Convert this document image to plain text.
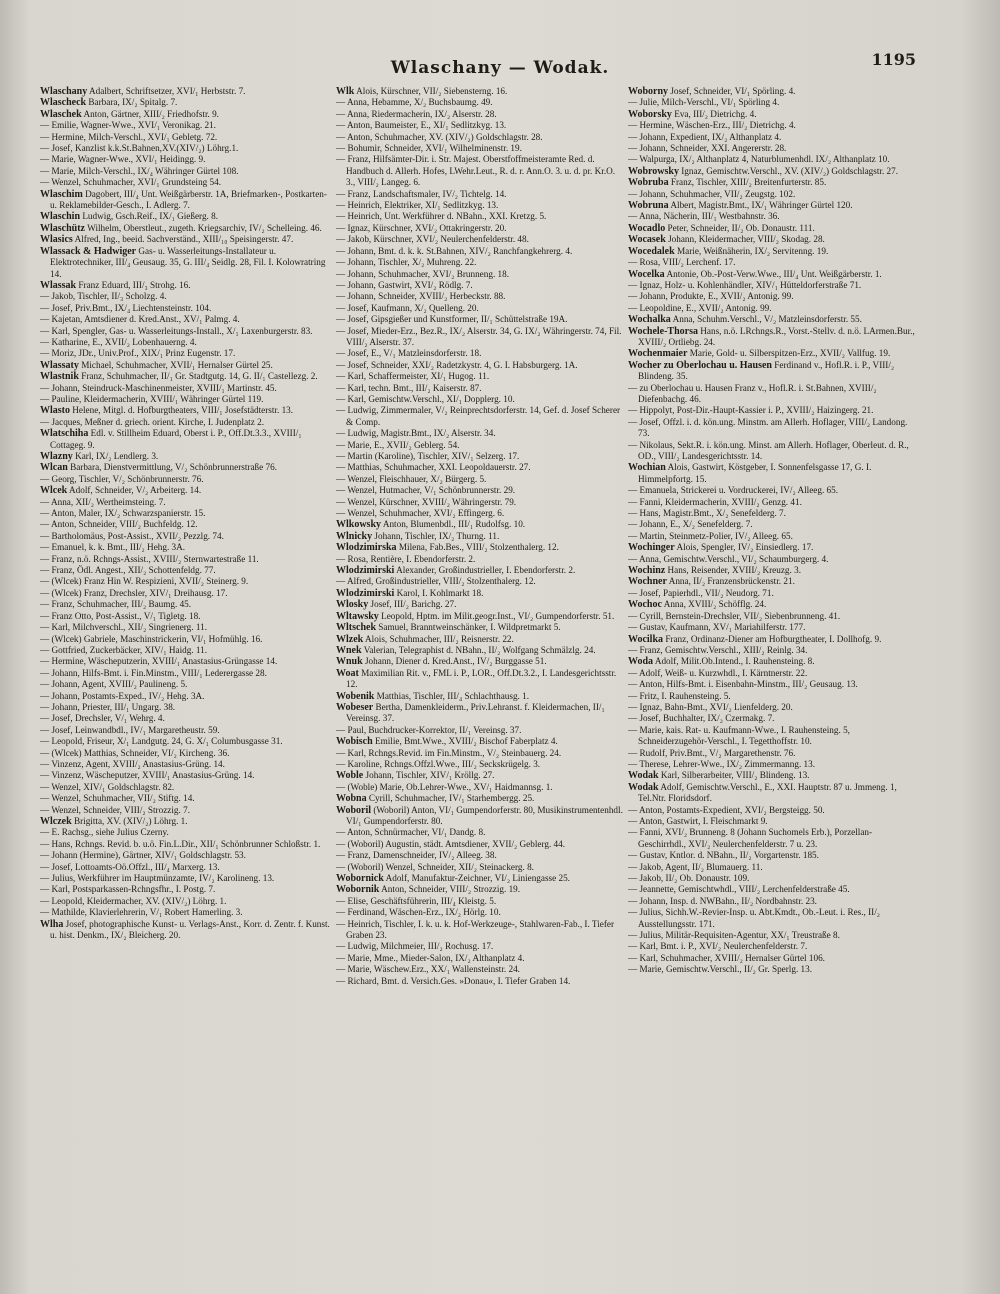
Wlaschany — Wodak.	1195

Wlaschany Adalbert, Schriftsetzer, XVI/₁ Herbststr. 7.

Wlascheck Barbara, IX/₂ Spitalg. 7.

Wlaschek Anton, Gärtner, XIII/₂ Friedhofstr. 9.

— Emilie, Wagner-Wwe., XVI/₁ Veronikag. 21.

— Hermine, Milch-Verschl., XVI/₁ Gebletg. 72.

— Josef, Kanzlist k.k.St.Bahnen,XV.(XIV/₂) Löhrg.1.

— Marie, Wagner-Wwe., XVI/₁ Heidingg. 9.

— Marie, Milch-Verschl., IX/₄ Währinger Gürtel 108.

— Wenzel, Schuhmacher, XVI/₁ Grundsteing 54.

Wlaschim Dagobert, III/₄ Unt. Weißgärberstr. 1A, Briefmarken-, Postkarten- u. Reklamebilder-Gesch., I. Adlerg. 7.

Wlaschin Ludwig, Gsch.Reif., IX/₁ Gießerg. 8.

Wlaschütz Wilhelm, Oberstleut., zugeth. Kriegsarchiv, IV/₂ Schelleing. 46.

Wlasics Alfred, Ing., beeid. Sachverständ., XIII/₁₀ Speisingerstr. 47.

Wlassack & Hadwiger Gas- u. Wasserleitungs-Installateur u. Elektrotechniker, III/₄ Geusaug. 35, G. III/₄ Seidlg. 28, Fil. I. Kolowratring 14.

Wlassak Franz Eduard, III/₃ Strohg. 16.

— Jakob, Tischler, II/₃ Scholzg. 4.

— Josef, Priv.Bmt., IX/₄ Liechtensteinstr. 104.

— Kajetan, Amtsdiener d. Kred.Anst., XV/₁ Palmg. 4.

— Karl, Spengler, Gas- u. Wasserleitungs-Install., X/₁ Laxenburgerstr. 83.

— Katharine, E., XVII/₂ Lobenhauerng. 4.

— Moriz, JDr., Univ.Prof., XIX/₁ Prinz Eugenstr. 17.

Wlassaty Michael, Schuhmacher, XVII/₁ Hernalser Gürtel 25.

Wlastnik Franz, Schuhmacher, II/₁ Gr. Stadtgutg. 14, G. II/₁ Castellezg. 2.

— Johann, Steindruck-Maschinenmeister, XVIII/₁ Martinstr. 45.

— Pauline, Kleidermacherin, XVIII/₁ Währinger Gürtel 119.

Wlasto Helene, Mitgl. d. Hofburgtheaters, VIII/₁ Josefstädterstr. 13.

— Jacques, Meßner d. griech. orient. Kirche, I. Judenplatz 2.

Wlatschiha Edl. v. Stillheim Eduard, Oberst i. P., Off.Dt.3.3., XVIII/₁ Cottageg. 9.

Wlazny Karl, IX/₂ Lendlerg. 3.

Wlcan Barbara, Dienstvermittlung, V/₂ Schönbrunnerstraße 76.

— Georg, Tischler, V/₂ Schönbrunnerstr. 76.

Wlcek Adolf, Schneider, V/₂ Arbeiterg. 14.

— Anna, XII/₂ Wertheimsteing. 7.

— Anton, Maler, IX/₂ Schwarzspanierstr. 15.

— Anton, Schneider, VIII/₂ Buchfeldg. 12.

— Bartholomäus, Post-Assist., XVII/₂ Pezzlg. 74.

— Emanuel, k. k. Bmt., III/₂ Hehg. 3A.

— Franz, n.ö. Rchngs-Assist., XVIII/₂ Sternwartestraße 11.

— Franz, Ödl. Angest., XII/₂ Schottenfeldg. 77.

— (Wlcek) Franz Hin W. Respizieni, XVII/₂ Steinerg. 9.

— (Wlcek) Franz, Drechsler, XIV/₁ Dreihausg. 17.

— Franz, Schuhmacher, III/₂ Baumg. 45.

— Franz Otto, Post-Assist., V/₁ Tigletg. 18.

— Karl, Milchverschl., XII/₂ Singrienerg. 11.

— (Wlcek) Gabriele, Maschinstrickerin, VI/₁ Hofmühlg. 16.

— Gottfried, Zuckerbäcker, XIV/₁ Haidg. 11.

— Hermine, Wäscheputzerin, XVIII/₁ Anastasius-Grüngasse 14.

— Johann, Hilfs-Bmt. i. Fin.Minstm., VIII/₁ Lederergasse 28.

— Johann, Agent, XVIII/₂ Paulineng. 5.

— Johann, Postamts-Exped., IV/₂ Hehg. 3A.

— Johann, Priester, III/₁ Ungarg. 38.

— Josef, Drechsler, V/₁ Wehrg. 4.

— Josef, Leinwandbdl., IV/₁ Margaretheustr. 59.

— Leopold, Friseur, X/₁ Landgutg. 24, G. X/₁ Columbusgasse 31.

— (Wlcek) Matthias, Schneider, VI/₂ Kircheng. 36.

— Vinzenz, Agent, XVIII/₂ Anastasius-Grüng. 14.

— Vinzenz, Wäscheputzer, XVIII/₁ Anastasius-Grüng. 14.

— Wenzel, XIV/₁ Goldschlagstr. 82.

— Wenzel, Schuhmacher, VII/₂ Stiftg. 14.

— Wenzel, Schneider, VIII/₂ Strozzig. 7.

Wlczek Brigitta, XV. (XIV/₂) Löhrg. 1.

— E. Rachsg., siehe Julius Czerny.

— Hans, Rchngs. Revid. b. u.ö. Fin.L.Dir., XII/₁ Schönbrunner Schloßstr. 1.

— Johann (Hermine), Gärtner, XIV/₁ Goldschlagstr. 53.

— Josef, Lottoamts-Oö.Offzl., III/₄ Marxerg. 13.

— Julius, Werkführer im Hauptmünzamte, IV/₂ Karolineng. 13.

— Karl, Postsparkassen-Rchngsfhr., I. Postg. 7.

— Leopold, Kleidermacher, XV. (XIV/₂) Löhrg. 1.

— Mathilde, Klavierlehrerin, V/₁ Robert Hamerling. 3.

Wlha Josef, photographische Kunst- u. Verlags-Anst., Korr. d. Zentr. f. Kunst. u. hist. Denkm., IX/₂ Bleicherg. 20.

Wlk Alois, Kürschner, VII/₂ Siebensterng. 16.

— Anna, Hebamme, X/₂ Buchsbaumg. 49.

— Anna, Riedermacherin, IX/₂ Alserstr. 28.

— Anton, Baumeister, E., XI/₁ Sedlitzkyg. 13.

— Anton, Schuhmacher, XV. (XIV/₂) Goldschlagstr. 28.

— Bohumir, Schneider, XVI/₁ Wilhelminenstr. 19.

— Franz, Hilfsämter-Dir. i. Str. Majest. Oberstfoffmeisteramte Red. d. Handbuch d. Allerh. Hofes, LWehr.Leut., R. d. r. Ann.O. 3. u. d. pr. Kr.O. 3., VIII/₂ Langeg. 6.

— Franz, Landschaftsmaler, IV/₂ Tichtelg. 14.

— Heinrich, Elektriker, XI/₁ Sedlitzkyg. 13.

— Heinrich, Unt. Werkführer d. NBahn., XXI. Kretzg. 5.

— Ignaz, Kürschner, XVI/₂ Ottakringerstr. 20.

— Jakob, Kürschner, XVI/₂ Neulerchenfelderstr. 48.

— Johann, Bmt. d. k. k. St.Bahnen, XIV/₂ Ranchfangkehrerg. 4.

— Johann, Tischler, X/₂ Muhreng. 22.

— Johann, Schuhmacher, XVI/₂ Brunneng. 18.

— Johann, Gastwirt, XVI/₂ Rödlg. 7.

— Johann, Schneider, XVIII/₂ Herbeckstr. 88.

— Josef, Kaufmann, X/₂ Quelleng. 20.

— Josef, Gipsgießer und Kunstformer, II/₁ Schüttelstraße 19A.

— Josef, Mieder-Erz., Bez.R., IX/₂ Alserstr. 34, G. IX/₂ Währingerstr. 74, Fil. VIII/₂ Alserstr. 37.

— Josef, E., V/₁ Matzleinsdorferstr. 18.

— Josef, Schneider, XXI/₂ Radetzkystr. 4, G. I. Habsburgerg. 1A.

— Karl, Schaffermeister, XI/₁ Hugog. 11.

— Karl, techn. Bmt., III/₂ Kaiserstr. 87.

— Karl, Gemischtw.Verschl., XI/₁ Dopplerg. 10.

— Ludwig, Zimmermaler, V/₂ Reinprechtsdorferstr. 14, Gef. d. Josef Scherer & Comp.

— Ludwig, Magistr.Bmt., IX/₂ Alserstr. 34.

— Marie, E., XVII/₂ Geblerg. 54.

— Martin (Karoline), Tischler, XIV/₁ Selzerg. 17.

— Matthias, Schuhmacher, XXI. Leopoldauerstr. 27.

— Wenzel, Fleischhauer, X/₂ Bürgerg. 5.

— Wenzel, Hutmacher, V/₁ Schönbrunnerstr. 29.

— Wenzel, Kürschner, XVIII/₂ Währingerstr. 79.

— Wenzel, Schuhmacher, XVI/₂ Effingerg. 6.

Wlkowsky Anton, Blumenbdl., III/₁ Rudolfsg. 10.

Wlnicky Johann, Tischler, IX/₂ Thurng. 11.

Wlodzimirska Milena, Fab.Bes., VIII/₂ Stolzenthalerg. 12.

— Rosa, Rentière, I. Ebendorferstr. 2.

Wlodzimirski Alexander, Großindustrieller, I. Ebendorferstr. 2.

— Alfred, Großindustrieller, VIII/₂ Stolzenthalerg. 12.

Wlodzimirski Karol, I. Kohlmarkt 18.

Wlosky Josef, III/₂ Barichg. 27.

Wltawsky Leopold, Hptm. im Milit.geogr.Inst., VI/₂ Gumpendorferstr. 51.

Wltschek Samuel, Branntweinschänker, I. Wildpretmarkt 5.

Wlzek Alois, Schuhmacher, III/₂ Reisnerstr. 22.

Wnek Valerian, Telegraphist d. NBahn., II/₂ Wolfgang Schmälzlg. 24.

Wnuk Johann, Diener d. Kred.Anst., IV/₂ Burggasse 51.

Woat Maximilian Rit. v., FML i. P., LOR., Off.Dt.3.2., I. Landesgerichtsstr. 12.

Wobenik Matthias, Tischler, III/₄ Schlachthausg. 1.

Wobeser Bertha, Damenkleiderm., Priv.Lehranst. f. Kleidermachen, II/₁ Vereinsg. 37.

— Paul, Buchdrucker-Korrektor, II/₁ Vereinsg. 37.

Wobisch Emilie, Bmt.Wwe., XVIII/₂ Bischof Faberplatz 4.

— Karl, Rchngs.Revid. im Fin.Minstm., V/₂ Steinbauerg. 24.

— Karoline, Rchngs.Offzl.Wwe., III/₂ Seckskrügelg. 3.

Woble Johann, Tischler, XIV/₁ Kröllg. 27.

— (Woble) Marie, Ob.Lehrer-Wwe., XV/₁ Haidmannsg. 1.

Wobna Cyrill, Schuhmacher, IV/₁ Starhembergg. 25.

Woboril (Woboril) Anton, VI/₁ Gumpendorferstr. 80, Musikinstrumentenhdl. VI/₁ Gumpendorferstr. 80.

— Anton, Schnürmacher, VI/₁ Dandg. 8.

— (Woboril) Augustin, städt. Amtsdiener, XVII/₂ Geblerg. 44.

— Franz, Damenschneider, IV/₂ Alleeg. 38.

— (Woboril) Wenzel, Schneider, XII/₂ Steinackerg. 8.

Wobornick Adolf, Manufaktur-Zeichner, VI/₂ Liniengasse 25.

Wobornik Anton, Schneider, VIII/₂ Strozzig. 19.

— Elise, Geschäftsführerin, III/₄ Kleistg. 5.

— Ferdinand, Wäschen-Erz., IX/₂ Hörlg. 10.

— Heinrich, Tischler, I. k. u. k. Hof-Werkzeuge-, Stahlwaren-Fab., I. Tiefer Graben 23.

— Ludwig, Milchmeier, III/₂ Rochusg. 17.

— Marie, Mme., Mieder-Salon, IX/₂ Althanplatz 4.

— Marie, Wäschew.Erz., XX/₁ Wallensteinstr. 24.

— Richard, Bmt. d. Versich.Ges. »Donau«, I. Tiefer Graben 14.

Woborny Josef, Schneider, VI/₁ Spörling. 4.

— Julie, Milch-Verschl., VI/₁ Spörling 4.

Woborsky Eva, III/₂ Dietrichg. 4.

— Hermine, Wäschen-Erz., III/₂ Dietrichg. 4.

— Johann, Expedient, IX/₂ Althanplatz 4.

— Johann, Schneider, XXI. Angererstr. 28.

— Walpurga, IX/₂ Althanplatz 4, Naturblumenhdl. IX/₂ Althanplatz 10.

Wobrowsky Ignaz, Gemischtw.Verschl., XV. (XIV/₂) Goldschlagstr. 27.

Wobruba Franz, Tischler, XIII/₂ Breitenfurterstr. 85.

— Johann, Schuhmacher, VII/₂ Zeugstg. 102.

Wobruna Albert, Magistr.Bmt., IX/₁ Währinger Gürtel 120.

— Anna, Nächerin, III/₁ Westbahnstr. 36.

Wocadlo Peter, Schneider, II/₂ Ob. Donaustr. 111.

Wocasek Johann, Kleidermacher, VIII/₂ Skodag. 28.

Wocedalek Marie, Weißnäherin, IX/₂ Servitenng. 19.

— Rosa, VIII/₂ Lerchenf. 17.

Wocelka Antonie, Ob.-Post-Verw.Wwe., III/₄ Unt. Weißgärberstr. 1.

— Ignaz, Holz- u. Kohlenhändler, XIV/₁ Hütteldorferstraße 71.

— Johann, Produkte, E., XVII/₂ Antonig. 99.

— Leopoldine, E., XVII/₂ Antonig. 99.

Wochalka Anna, Schuhm.Verschl., V/₂ Matzleinsdorferstr. 55.

Wochele-Thorsa Hans, n.ö. LRchngs.R., Vorst.-Stellv. d. n.ö. LArmen.Bur., XVIII/₂ Ortliebg. 24.

Wochenmaier Marie, Gold- u. Silberspitzen-Erz., XVII/₂ Vallfug. 19.

Wocher zu Oberlochau u. Hausen Ferdinand v., Hofl.R. i. P., VIII/₂ Blindeng. 35.

— zu Oberlochau u. Hausen Franz v., Hofl.R. i. St.Bahnen, XVIII/₂ Diefenbachg. 46.

— Hippolyt, Post-Dir.-Haupt-Kassier i. P., XVIII/₂ Haizingerg. 21.

— Josef, Offzl. i. d. kön.ung. Minstm. am Allerh. Hoflager, VIII/₂ Landong. 73.

— Nikolaus, Sekt.R. i. kön.ung. Minst. am Allerh. Hoflager, Oberleut. d. R., OD., VIII/₂ Landesgerichtsstr. 14.

Wochian Alois, Gastwirt, Köstgeber, I. Sonnenfelsgasse 17, G. I. Himmelpfortg. 15.

— Emanuela, Strickerei u. Vordruckerei, IV/₂ Alleeg. 65.

— Fanni, Kleidermacherin, XVIII/₂ Genzg. 41.

— Hans, Magistr.Bmt., X/₂ Senefelderg. 7.

— Johann, E., X/₂ Senefelderg. 7.

— Martin, Steinmetz-Polier, IV/₂ Alleeg. 65.

Wochinger Alois, Spengler, IV/₂ Einsiedlerg. 17.

— Anna, Gemischtw.Verschl., VI/₂ Schaumburgerg. 4.

Wochinz Hans, Reisender, XVIII/₂ Kreuzg. 3.

Wochner Anna, II/₂ Franzensbrückenstr. 21.

— Josef, Papierhdl., VII/₂ Neudorg. 71.

Wochoc Anna, XVIII/₂ Schöfflg. 24.

— Cyrill, Bernstein-Drechsler, VII/₂ Siebenbrunneng. 41.

— Gustav, Kaufmann, XV/₁ Mariahilferstr. 177.

Wocilka Franz, Ordinanz-Diener am Hofburgtheater, I. Dollhofg. 9.

— Franz, Gemischtw.Verschl., XIII/₂ Reinlg. 34.

Woda Adolf, Milit.Ob.Intend., I. Rauhensteing. 8.

— Adolf, Weiß- u. Kurzwhdl., I. Kärntnerstr. 22.

— Anton, Hilfs-Bmt. i. Eisenbahn-Minstm., III/₂ Geusaug. 13.

— Fritz, I. Rauhensteing. 5.

— Ignaz, Bahn-Bmt., XVI/₂ Lienfelderg. 20.

— Josef, Buchhalter, IX/₂ Czermakg. 7.

— Marie, kais. Rat- u. Kaufmann-Wwe., I. Rauhensteing. 5, Schneiderzugehör-Verschl., I. Tegetthoffstr. 10.

— Rudolf, Priv.Bmt., V/₂ Margarethenstr. 76.

— Therese, Lehrer-Wwe., IX/₂ Zimmermanng. 13.

Wodak Karl, Silberarbeiter, VIII/₂ Blindeng. 13.

Wodak Adolf, Gemischtw.Verschl., E., XXI. Hauptstr. 87 u. Jmmeng. 1, Tel.Ntr. Floridsdorf.

— Anton, Postamts-Expedient, XVI/₂ Bergsteigg. 50.

— Anton, Gastwirt, I. Fleischmarkt 9.

— Fanni, XVI/₂ Brunneng. 8 (Johann Suchomels Erb.), Porzellan-Geschirrhdl., XVI/₂ Neulerchenfelderstr. 7 u. 23.

— Gustav, Kntlor. d. NBahn., II/₂ Vorgartenstr. 185.

— Jakob, Agent, II/₂ Blumauerg. 11.

— Jakob, II/₂ Ob. Donaustr. 109.

— Jeannette, Gemischtwhdl., VIII/₂ Lerchenfelderstraße 45.

— Johann, Insp. d. NWBahn., II/₂ Nordbahnstr. 23.

— Julius, Sichh.W.-Revier-Insp. u. Abt.Kmdt., Ob.-Leut. i. Res., II/₂ Ausstellungsstr. 171.

— Julius, Militär-Requisiten-Agentur, XX/₁ Treustraße 8.

— Karl, Bmt. i. P., XVI/₂ Neulerchenfelderstr. 7.

— Karl, Schuhmacher, XVIII/₂ Hernalser Gürtel 106.

— Marie, Gemischtw.Verschl., II/₂ Gr. Sperlg. 13.
